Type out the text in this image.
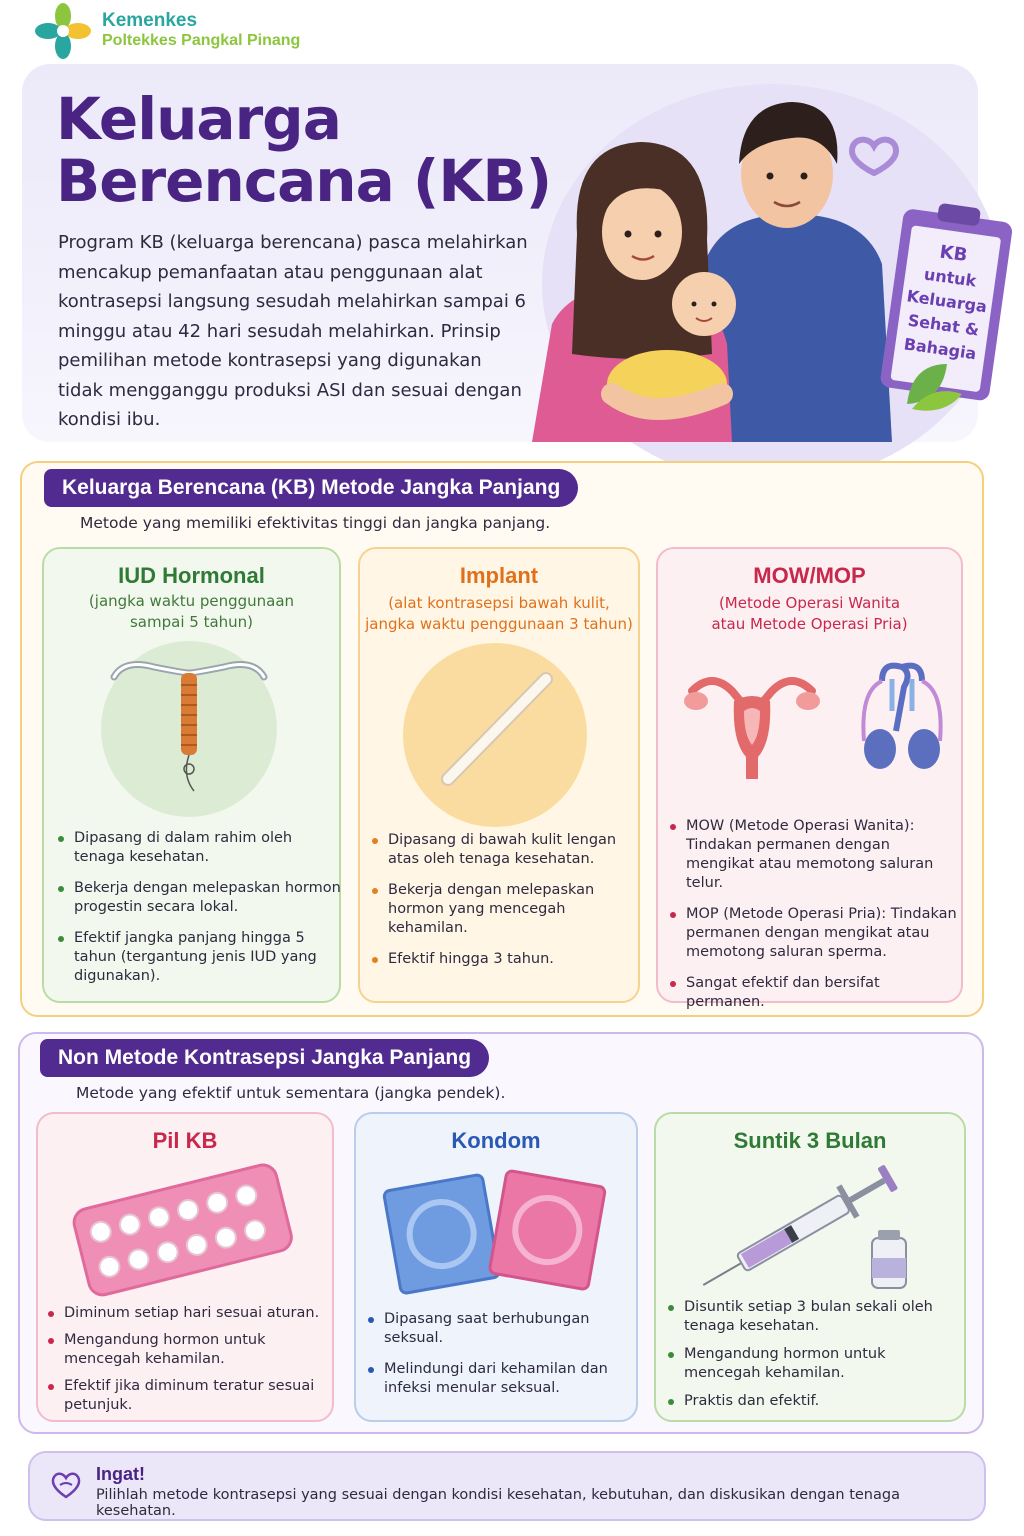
Kemenkes
Poltekkes Pangkal Pinang
Keluarga Berencana (KB)

Program KB (keluarga berencana) pasca melahirkan mencakup pemanfaatan atau penggunaan alat kontrasepsi langsung sesudah melahirkan sampai 6 minggu atau 42 hari sesudah melahirkan. Prinsip pemilihan metode kontrasepsi yang digunakan tidak mengganggu produksi ASI dan sesuai dengan kondisi ibu.

KB
untuk
Keluarga
Sehat &
Bahagia
Keluarga Berencana (KB) Metode Jangka Panjang
Metode yang memiliki efektivitas tinggi dan jangka panjang.
IUD Hormonal
(jangka waktu penggunaan
sampai 5 tahun)
Dipasang di dalam rahim oleh tenaga kesehatan.
Bekerja dengan melepaskan hormon progestin secara lokal.
Efektif jangka panjang hingga 5 tahun (tergantung jenis IUD yang digunakan).
Implant
(alat kontrasepsi bawah kulit,
jangka waktu penggunaan 3 tahun)
Dipasang di bawah kulit lengan atas oleh tenaga kesehatan.
Bekerja dengan melepaskan hormon yang mencegah kehamilan.
Efektif hingga 3 tahun.
MOW/MOP
(Metode Operasi Wanita
atau Metode Operasi Pria)
MOW (Metode Operasi Wanita): Tindakan permanen dengan mengikat atau memotong saluran telur.
MOP (Metode Operasi Pria): Tindakan permanen dengan mengikat atau memotong saluran sperma.
Sangat efektif dan bersifat permanen.
Non Metode Kontrasepsi Jangka Panjang
Metode yang efektif untuk sementara (jangka pendek).
Pil KB
Diminum setiap hari sesuai aturan.
Mengandung hormon untuk mencegah kehamilan.
Efektif jika diminum teratur sesuai petunjuk.
Kondom
Dipasang saat berhubungan seksual.
Melindungi dari kehamilan dan infeksi menular seksual.
Suntik 3 Bulan
Disuntik setiap 3 bulan sekali oleh tenaga kesehatan.
Mengandung hormon untuk mencegah kehamilan.
Praktis dan efektif.
Ingat!
Pilihlah metode kontrasepsi yang sesuai dengan kondisi kesehatan, kebutuhan, dan diskusikan dengan tenaga kesehatan.
